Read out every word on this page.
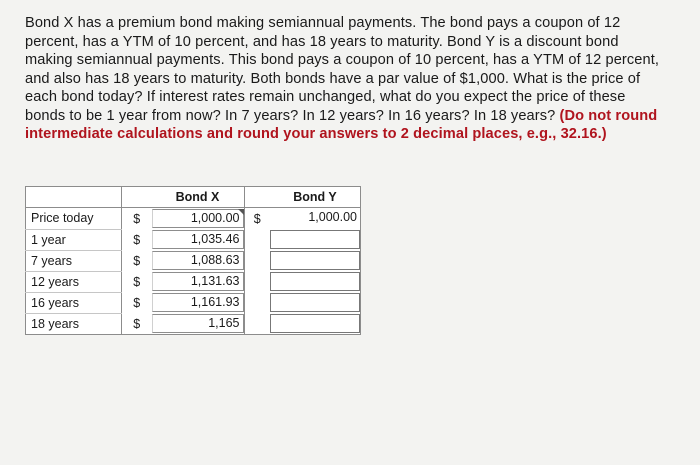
Bond X has a premium bond making semiannual payments. The bond pays a coupon of 12 percent, has a YTM of 10 percent, and has 18 years to maturity. Bond Y is a discount bond making semiannual payments. This bond pays a coupon of 10 percent, has a YTM of 12 percent, and also has 18 years to maturity. Both bonds have a par value of $1,000. What is the price of each bond today? If interest rates remain unchanged, what do you expect the price of these bonds to be 1 year from now? In 7 years? In 12 years? In 16 years? In 18 years? (Do not round intermediate calculations and round your answers to 2 decimal places, e.g., 32.16.)
		Bond X		Bond Y
Price today	$	1,000.00	$	1,000.00

1 year	$	1,035.46		

7 years	$	1,088.63		

12 years	$	1,131.63		

16 years	$	1,161.93		

18 years	$	1,165		
